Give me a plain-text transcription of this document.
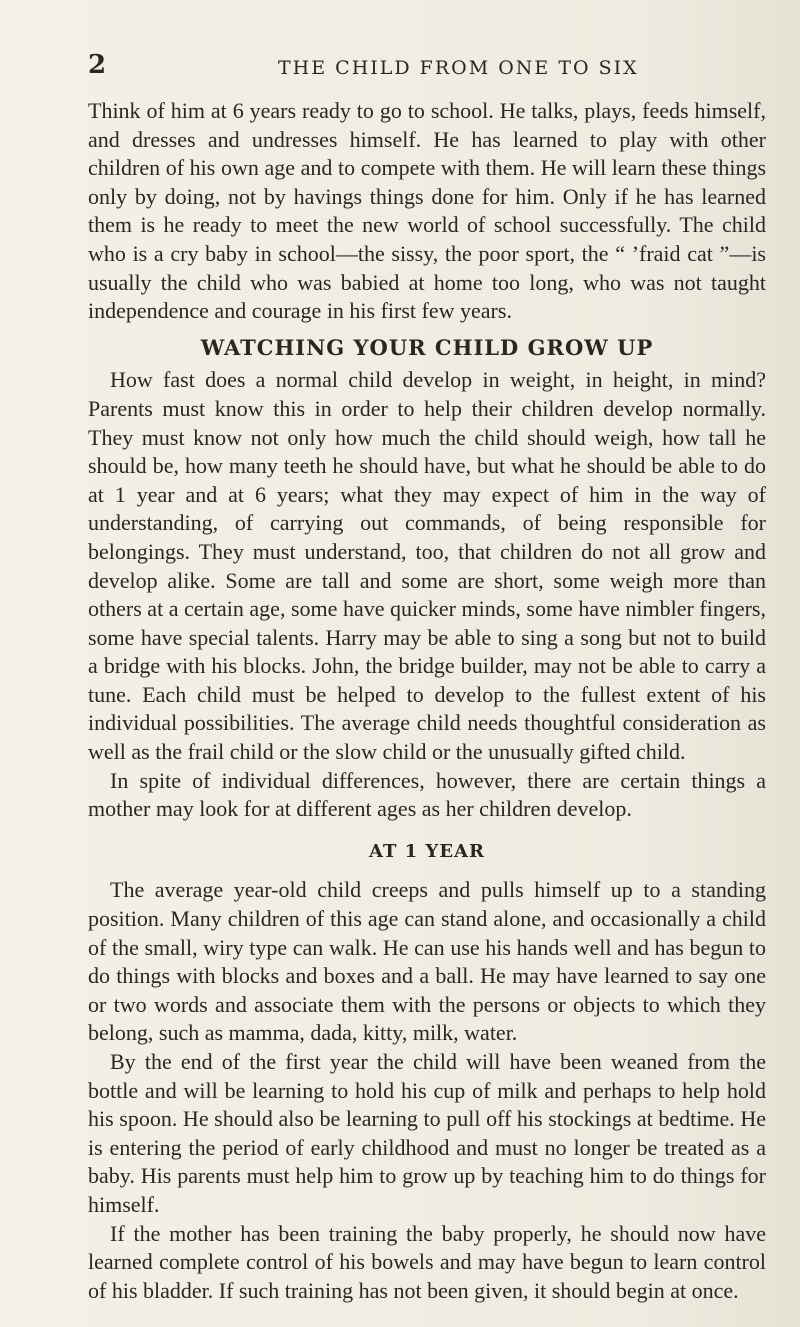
2	THE CHILD FROM ONE TO SIX

Think of him at 6 years ready to go to school. He talks, plays, feeds himself, and dresses and undresses himself. He has learned to play with other children of his own age and to compete with them. He will learn these things only by doing, not by havings things done for him. Only if he has learned them is he ready to meet the new world of school successfully. The child who is a cry baby in school—the sissy, the poor sport, the “ ’fraid cat ”—is usually the child who was babied at home too long, who was not taught independence and courage in his first few years.

WATCHING YOUR CHILD GROW UP

How fast does a normal child develop in weight, in height, in mind? Parents must know this in order to help their children develop normally. They must know not only how much the child should weigh, how tall he should be, how many teeth he should have, but what he should be able to do at 1 year and at 6 years; what they may expect of him in the way of understanding, of carrying out commands, of being responsible for belongings. They must understand, too, that children do not all grow and develop alike. Some are tall and some are short, some weigh more than others at a certain age, some have quicker minds, some have nimbler fingers, some have special talents. Harry may be able to sing a song but not to build a bridge with his blocks. John, the bridge builder, may not be able to carry a tune. Each child must be helped to develop to the fullest extent of his individual possibilities. The average child needs thoughtful consideration as well as the frail child or the slow child or the unusually gifted child.

In spite of individual differences, however, there are certain things a mother may look for at different ages as her children develop.

AT 1 YEAR

The average year-old child creeps and pulls himself up to a standing position. Many children of this age can stand alone, and occasionally a child of the small, wiry type can walk. He can use his hands well and has begun to do things with blocks and boxes and a ball. He may have learned to say one or two words and associate them with the persons or objects to which they belong, such as mamma, dada, kitty, milk, water.

By the end of the first year the child will have been weaned from the bottle and will be learning to hold his cup of milk and perhaps to help hold his spoon. He should also be learning to pull off his stockings at bedtime. He is entering the period of early childhood and must no longer be treated as a baby. His parents must help him to grow up by teaching him to do things for himself.

If the mother has been training the baby properly, he should now have learned complete control of his bowels and may have begun to learn control of his bladder. If such training has not been given, it should begin at once.
